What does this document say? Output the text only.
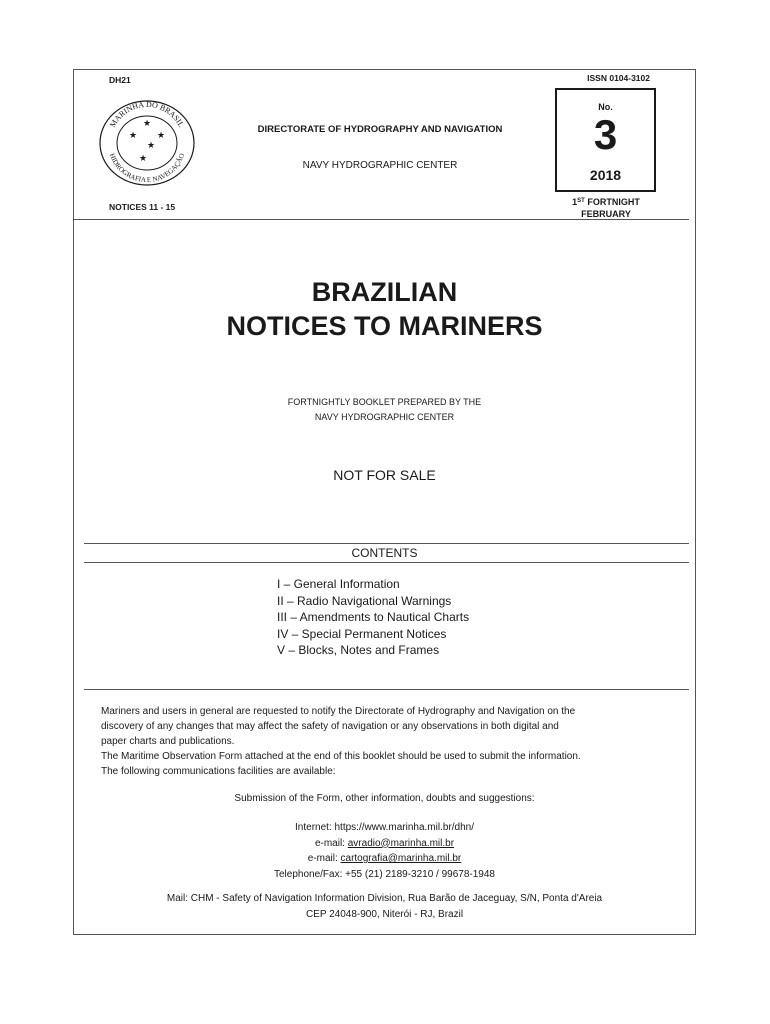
DH21	ISSN 0104-3102
MARINHA DO BRASIL
HIDROGRAFIA E NAVEGAÇÃO
★
★ ★
★
★
DIRECTORATE OF HYDROGRAPHY AND NAVIGATION
NAVY HYDROGRAPHIC CENTER
No.
3
2018
1ST FORTNIGHT
FEBRUARY
NOTICES 11 - 15
BRAZILIAN
NOTICES TO MARINERS
FORTNIGHTLY BOOKLET PREPARED BY THE
NAVY HYDROGRAPHIC CENTER
NOT FOR SALE
CONTENTS
I – General Information
II – Radio Navigational Warnings
III – Amendments to Nautical Charts
IV – Special Permanent Notices
V – Blocks, Notes and Frames
Mariners and users in general are requested to notify the Directorate of Hydrography and Navigation on the
discovery of any changes that may affect the safety of navigation or any observations in both digital and
paper charts and publications.
The Maritime Observation Form attached at the end of this booklet should be used to submit the information.
The following communications facilities are available:
Submission of the Form, other information, doubts and suggestions:
Internet: https://www.marinha.mil.br/dhn/
e-mail: avradio@marinha.mil.br
e-mail: cartografia@marinha.mil.br
Telephone/Fax: +55 (21) 2189-3210 / 99678-1948
Mail: CHM - Safety of Navigation Information Division, Rua Barão de Jaceguay, S/N, Ponta d'Areia
CEP 24048-900, Niterói - RJ, Brazil
